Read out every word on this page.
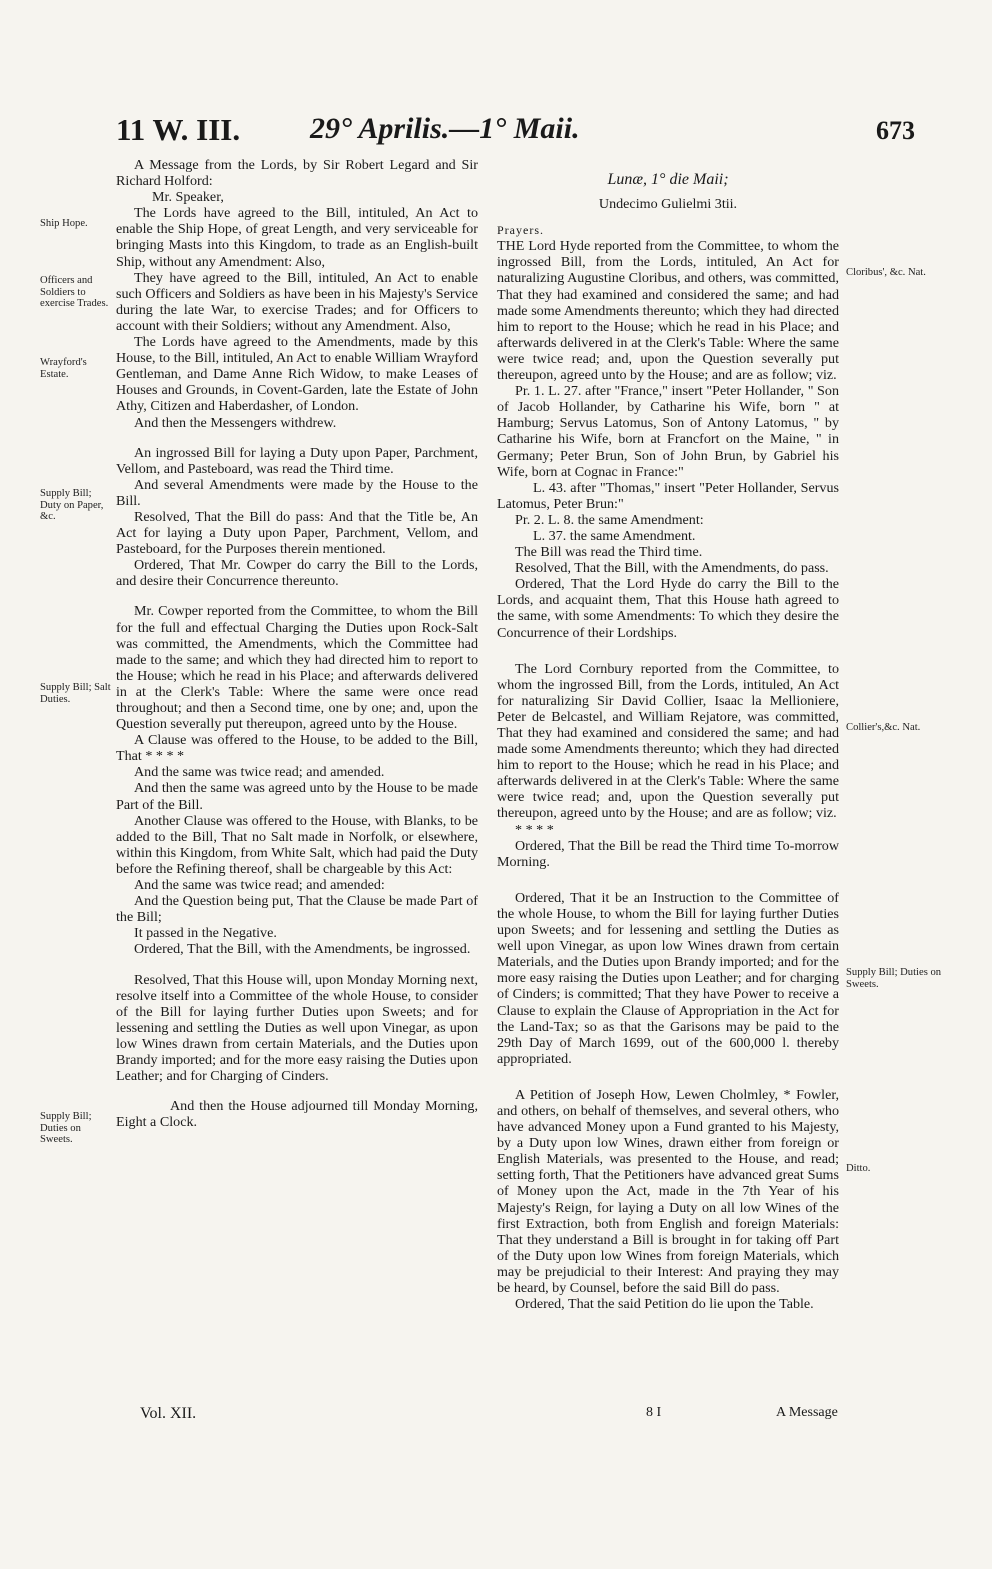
11 W. III. 29° Aprilis.—1° Maii.	673
Ship Hope.
Officers and Soldiers to exercise Trades.
Wrayford's Estate.
Supply Bill; Duty on Paper, &c.
Supply Bill; Salt Duties.
Supply Bill; Duties on Sweets.

A Message from the Lords, by Sir Robert Legard and Sir Richard Holford:

Mr. Speaker,

The Lords have agreed to the Bill, intituled, An Act to enable the Ship Hope, of great Length, and very serviceable for bringing Masts into this Kingdom, to trade as an English-built Ship, without any Amendment: Also,

They have agreed to the Bill, intituled, An Act to enable such Officers and Soldiers as have been in his Majesty's Service during the late War, to exercise Trades; and for Officers to account with their Soldiers; without any Amendment. Also,

The Lords have agreed to the Amendments, made by this House, to the Bill, intituled, An Act to enable William Wrayford Gentleman, and Dame Anne Rich Widow, to make Leases of Houses and Grounds, in Covent-Garden, late the Estate of John Athy, Citizen and Haberdasher, of London.

And then the Messengers withdrew.

An ingrossed Bill for laying a Duty upon Paper, Parchment, Vellom, and Pasteboard, was read the Third time.

And several Amendments were made by the House to the Bill.

Resolved, That the Bill do pass: And that the Title be, An Act for laying a Duty upon Paper, Parchment, Vellom, and Pasteboard, for the Purposes therein mentioned.

Ordered, That Mr. Cowper do carry the Bill to the Lords, and desire their Concurrence thereunto.

Mr. Cowper reported from the Committee, to whom the Bill for the full and effectual Charging the Duties upon Rock-Salt was committed, the Amendments, which the Committee had made to the same; and which they had directed him to report to the House; which he read in his Place; and afterwards delivered in at the Clerk's Table: Where the same were once read throughout; and then a Second time, one by one; and, upon the Question severally put thereupon, agreed unto by the House.

A Clause was offered to the House, to be added to the Bill, That * * * *

And the same was twice read; and amended.

And then the same was agreed unto by the House to be made Part of the Bill.

Another Clause was offered to the House, with Blanks, to be added to the Bill, That no Salt made in Norfolk, or elsewhere, within this Kingdom, from White Salt, which had paid the Duty before the Refining thereof, shall be chargeable by this Act:

And the same was twice read; and amended:

And the Question being put, That the Clause be made Part of the Bill;

It passed in the Negative.

Ordered, That the Bill, with the Amendments, be ingrossed.

Resolved, That this House will, upon Monday Morning next, resolve itself into a Committee of the whole House, to consider of the Bill for laying further Duties upon Sweets; and for lessening and settling the Duties as well upon Vinegar, as upon low Wines drawn from certain Materials, and the Duties upon Brandy imported; and for the more easy raising the Duties upon Leather; and for Charging of Cinders.

And then the House adjourned till Monday Morning, Eight a Clock.

Lunæ, 1° die Maii;

Undecimo Gulielmi 3tii.

Prayers.

THE Lord Hyde reported from the Committee, to whom the ingrossed Bill, from the Lords, intituled, An Act for naturalizing Augustine Cloribus, and others, was committed, That they had examined and considered the same; and had made some Amendments thereunto; which they had directed him to report to the House; which he read in his Place; and afterwards delivered in at the Clerk's Table: Where the same were twice read; and, upon the Question severally put thereupon, agreed unto by the House; and are as follow; viz.

Pr. 1. L. 27. after "France," insert "Peter Hollander, " Son of Jacob Hollander, by Catharine his Wife, born " at Hamburg; Servus Latomus, Son of Antony Latomus, " by Catharine his Wife, born at Francfort on the Maine, " in Germany; Peter Brun, Son of John Brun, by Gabriel his Wife, born at Cognac in France:"

L. 43. after "Thomas," insert "Peter Hollander, Servus Latomus, Peter Brun:"

Pr. 2. L. 8. the same Amendment:

L. 37. the same Amendment.

The Bill was read the Third time.

Resolved, That the Bill, with the Amendments, do pass.

Ordered, That the Lord Hyde do carry the Bill to the Lords, and acquaint them, That this House hath agreed to the same, with some Amendments: To which they desire the Concurrence of their Lordships.

The Lord Cornbury reported from the Committee, to whom the ingrossed Bill, from the Lords, intituled, An Act for naturalizing Sir David Collier, Isaac la Mellioniere, Peter de Belcastel, and William Rejatore, was committed, That they had examined and considered the same; and had made some Amendments thereunto; which they had directed him to report to the House; which he read in his Place; and afterwards delivered in at the Clerk's Table: Where the same were twice read; and, upon the Question severally put thereupon, agreed unto by the House; and are as follow; viz.

* * * *

Ordered, That the Bill be read the Third time To-morrow Morning.

Ordered, That it be an Instruction to the Committee of the whole House, to whom the Bill for laying further Duties upon Sweets; and for lessening and settling the Duties as well upon Vinegar, as upon low Wines drawn from certain Materials, and the Duties upon Brandy imported; and for the more easy raising the Duties upon Leather; and for charging of Cinders; is committed; That they have Power to receive a Clause to explain the Clause of Appropriation in the Act for the Land-Tax; so as that the Garisons may be paid to the 29th Day of March 1699, out of the 600,000 l. thereby appropriated.

A Petition of Joseph How, Lewen Cholmley, * Fowler, and others, on behalf of themselves, and several others, who have advanced Money upon a Fund granted to his Majesty, by a Duty upon low Wines, drawn either from foreign or English Materials, was presented to the House, and read; setting forth, That the Petitioners have advanced great Sums of Money upon the Act, made in the 7th Year of his Majesty's Reign, for laying a Duty on all low Wines of the first Extraction, both from English and foreign Materials: That they understand a Bill is brought in for taking off Part of the Duty upon low Wines from foreign Materials, which may be prejudicial to their Interest: And praying they may be heard, by Counsel, before the said Bill do pass.

Ordered, That the said Petition do lie upon the Table.

Cloribus', &c. Nat.
Collier's,&c. Nat.
Supply Bill; Duties on Sweets.
Ditto.
Vol. XII.	8 I	A Message
